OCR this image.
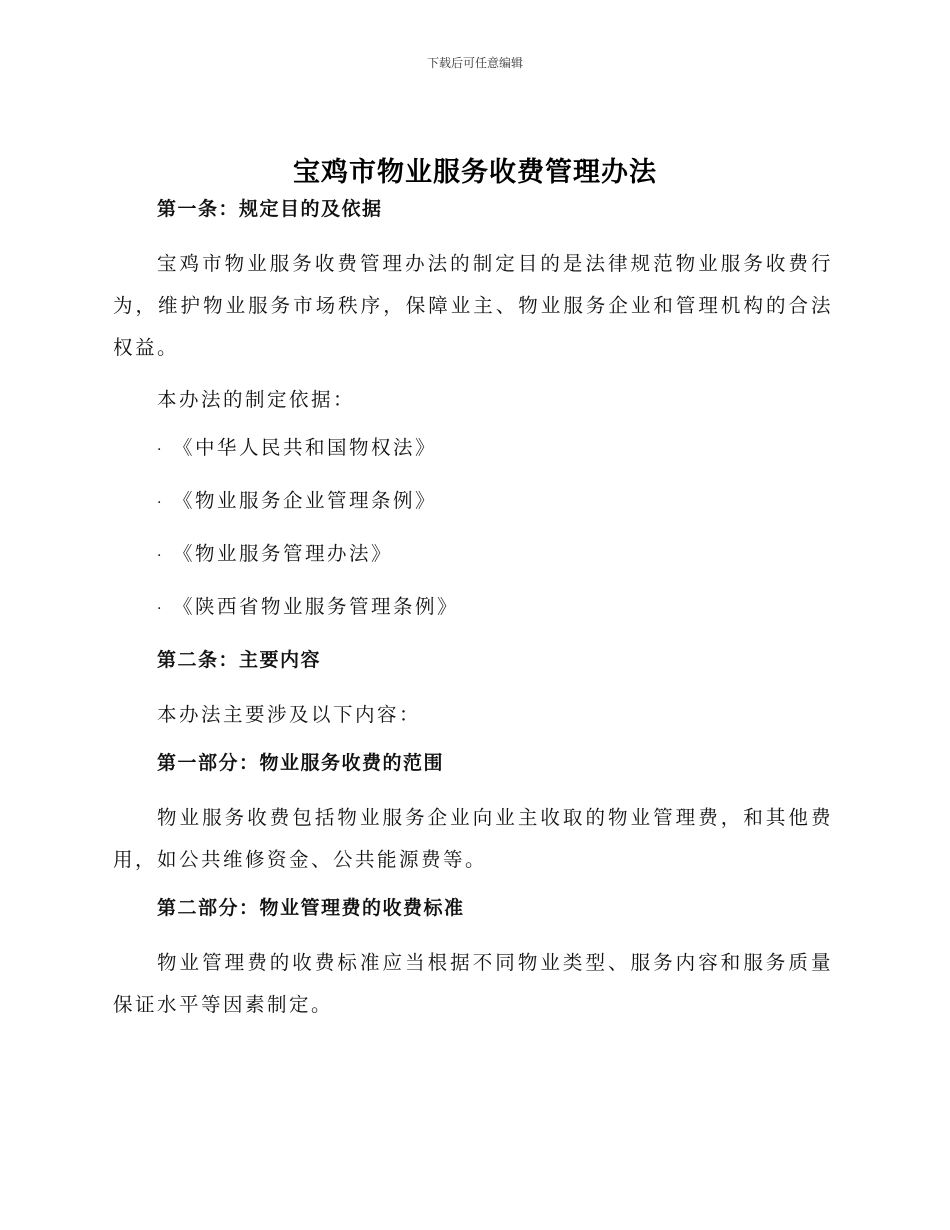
下载后可任意编辑
宝鸡市物业服务收费管理办法
第一条：规定目的及依据

宝鸡市物业服务收费管理办法的制定目的是法律规范物业服务收费行为，维护物业服务市场秩序，保障业主、物业服务企业和管理机构的合法权益。

本办法的制定依据：

· 《中华人民共和国物权法》
· 《物业服务企业管理条例》
· 《物业服务管理办法》
· 《陕西省物业服务管理条例》
第二条：主要内容

本办法主要涉及以下内容：

第一部分：物业服务收费的范围

物业服务收费包括物业服务企业向业主收取的物业管理费，和其他费用，如公共维修资金、公共能源费等。

第二部分：物业管理费的收费标准

物业管理费的收费标准应当根据不同物业类型、服务内容和服务质量保证水平等因素制定。
